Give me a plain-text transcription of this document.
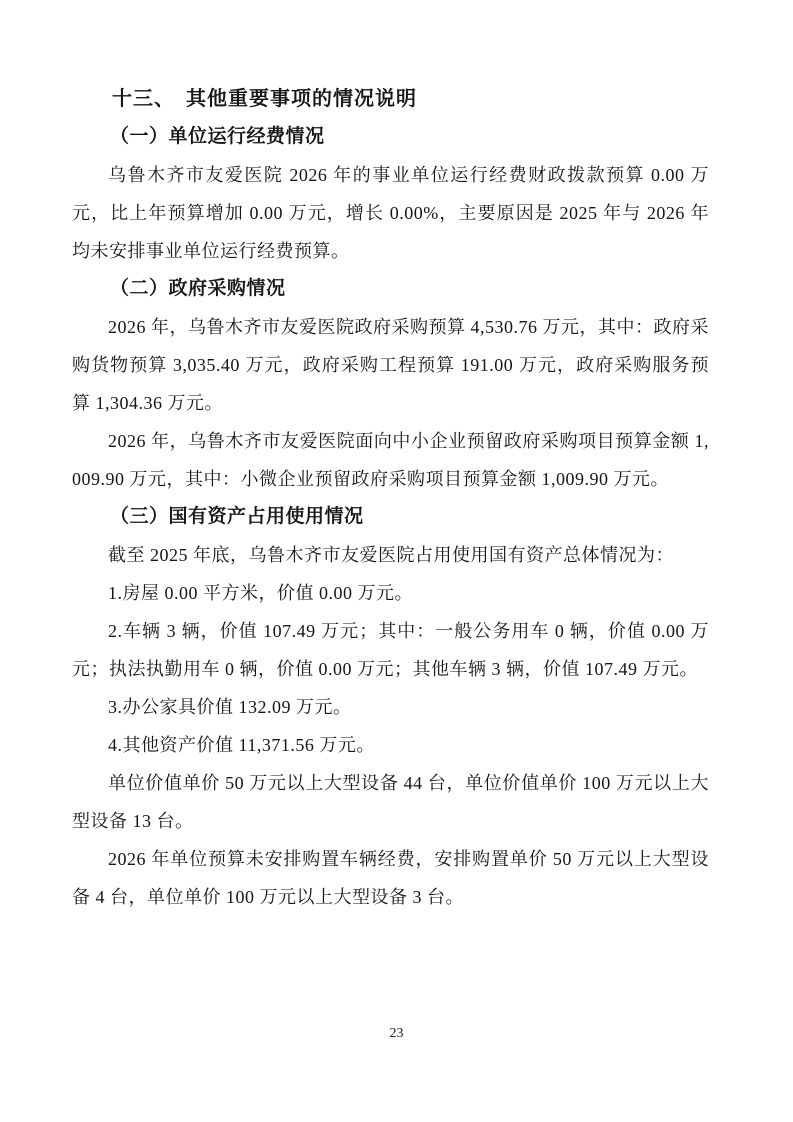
十三、　其他重要事项的情况说明
（一）单位运行经费情况

乌鲁木齐市友爱医院 2026 年的事业单位运行经费财政拨款预算 0.00 万元，比上年预算增加 0.00 万元，增长 0.00%，主要原因是 2025 年与 2026 年均未安排事业单位运行经费预算。

（二）政府采购情况

2026 年，乌鲁木齐市友爱医院政府采购预算 4,530.76 万元，其中：政府采购货物预算 3,035.40 万元，政府采购工程预算 191.00 万元，政府采购服务预算 1,304.36 万元。

2026 年，乌鲁木齐市友爱医院面向中小企业预留政府采购项目预算金额 1,009.90 万元，其中：小微企业预留政府采购项目预算金额 1,009.90 万元。

（三）国有资产占用使用情况

截至 2025 年底，乌鲁木齐市友爱医院占用使用国有资产总体情况为：

1.房屋 0.00 平方米，价值 0.00 万元。

2.车辆 3 辆，价值 107.49 万元；其中：一般公务用车 0 辆，价值 0.00 万元；执法执勤用车 0 辆，价值 0.00 万元；其他车辆 3 辆，价值 107.49 万元。

3.办公家具价值 132.09 万元。

4.其他资产价值 11,371.56 万元。

单位价值单价 50 万元以上大型设备 44 台，单位价值单价 100 万元以上大型设备 13 台。

2026 年单位预算未安排购置车辆经费，安排购置单价 50 万元以上大型设备 4 台，单位单价 100 万元以上大型设备 3 台。

23
